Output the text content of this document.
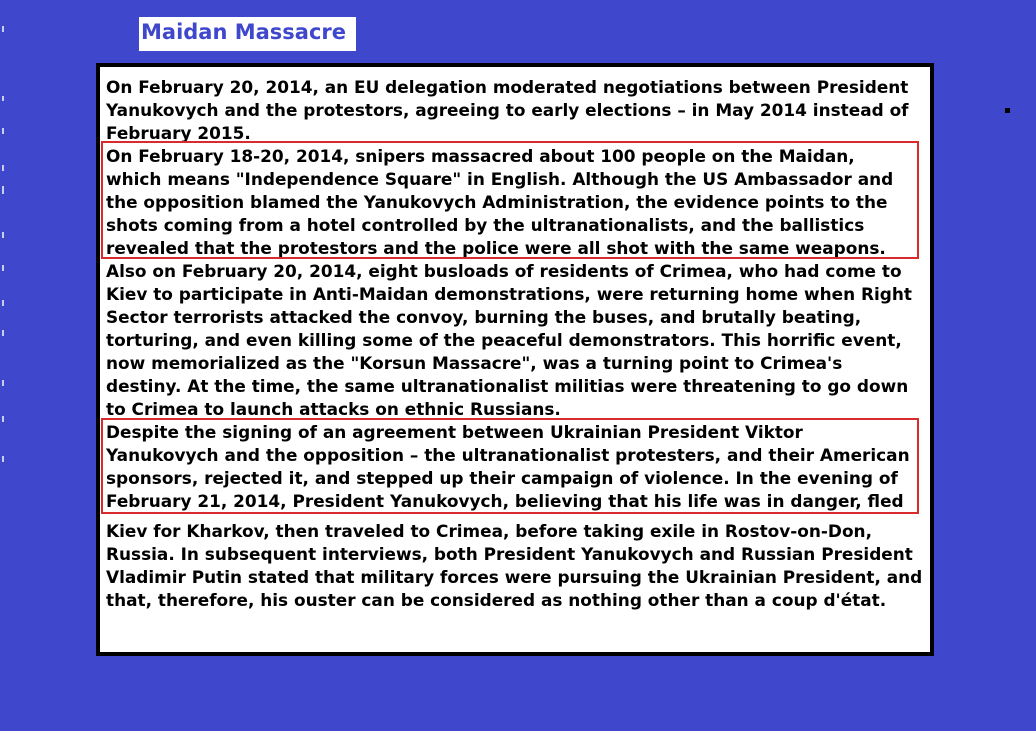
Maidan Massacre

On February 20, 2014, an EU delegation moderated negotiations between President
Yanukovych and the protestors, agreeing to early elections – in May 2014 instead of
February 2015.

On February 18-20, 2014, snipers massacred about 100 people on the Maidan,
which means "Independence Square" in English. Although the US Ambassador and
the opposition blamed the Yanukovych Administration, the evidence points to the
shots coming from a hotel controlled by the ultranationalists, and the ballistics
revealed that the protestors and the police were all shot with the same weapons.

Also on February 20, 2014, eight busloads of residents of Crimea, who had come to
Kiev to participate in Anti-Maidan demonstrations, were returning home when Right
Sector terrorists attacked the convoy, burning the buses, and brutally beating,
torturing, and even killing some of the peaceful demonstrators. This horrific event,
now memorialized as the "Korsun Massacre", was a turning point to Crimea's
destiny. At the time, the same ultranationalist militias were threatening to go down
to Crimea to launch attacks on ethnic Russians.

Despite the signing of an agreement between Ukrainian President Viktor
Yanukovych and the opposition – the ultranationalist protesters, and their American
sponsors, rejected it, and stepped up their campaign of violence. In the evening of
February 21, 2014, President Yanukovych, believing that his life was in danger, fled

Kiev for Kharkov, then traveled to Crimea, before taking exile in Rostov-on-Don,
Russia. In subsequent interviews, both President Yanukovych and Russian President
Vladimir Putin stated that military forces were pursuing the Ukrainian President, and
that, therefore, his ouster can be considered as nothing other than a coup d'état.
